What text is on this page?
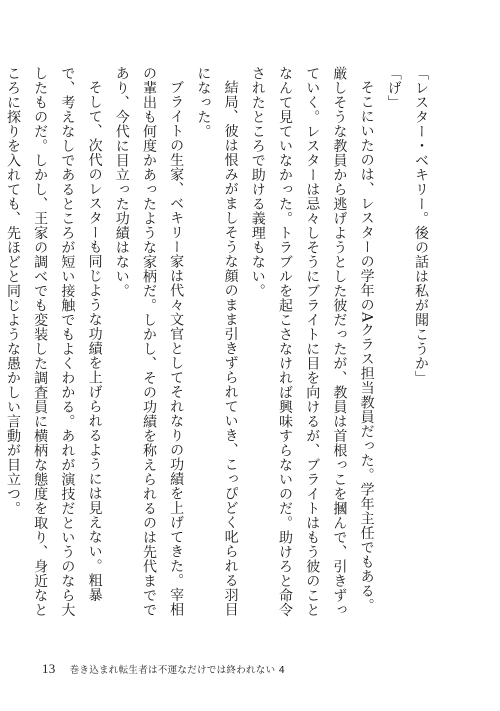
「レスター・ベキリー。後の話は私が聞こうか」

「げ」

そこにいたのは、レスターの学年のAクラス担当教員だった。学年主任でもある。厳しそうな教員から逃げようとした彼だったが、教員は首根っこを摑んで、引きずっていく。レスターは忌々しそうにブライトに目を向けるが、ブライトはもう彼のことなんて見ていなかった。トラブルを起こさなければ興味すらないのだ。助けろと命令されたところで助ける義理もない。

結局、彼は恨みがましそうな顔のまま引きずられていき、こっぴどく叱られる羽目になった。

ブライトの生家、ベキリー家は代々文官としてそれなりの功績を上げてきた。宰相の輩出も何度かあったような家柄だ。しかし、その功績を称えられるのは先代までであり、今代に目立った功績はない。

そして、次代のレスターも同じような功績を上げられるようには見えない。粗暴で、考えなしであるところが短い接触でもよくわかる。あれが演技だというのなら大したものだ。しかし、王家の調べでも変装した調査員に横柄な態度を取り、身近なところに探りを入れても、先ほどと同じような愚かしい言動が目立つ。

13 巻き込まれ転生者は不運なだけでは終われない 4
